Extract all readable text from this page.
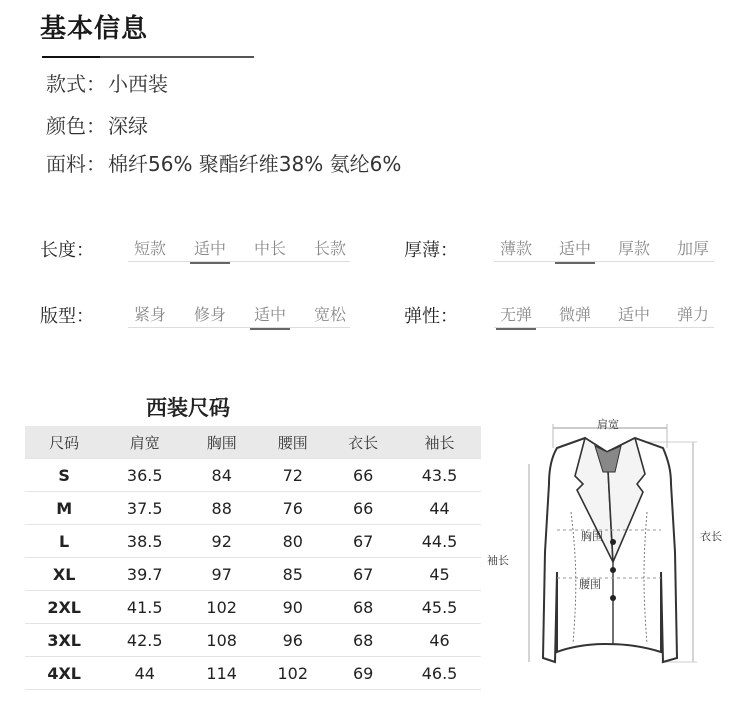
基本信息
款式： 小西装
颜色： 深绿
面料： 棉纤56% 聚酯纤维38% 氨纶6%
长度： 短款 适中 中长 长款	厚薄：	薄款 适中 厚款 加厚
版型： 紧身 修身 适中 宽松	弹性：	无弹 微弹 适中 弹力
西装尺码
尺码	肩宽	胸围	腰围	衣长	袖长
S	36.5	84	72	66	43.5
M	37.5	88	76	66	44
L	38.5	92	80	67	44.5
XL	39.7	97	85	67	45
2XL	41.5	102	90	68	45.5
3XL	42.5	108	96	68	46
4XL	44	114	102	69	46.5
肩宽
衣长
袖长
胸围
腰围
